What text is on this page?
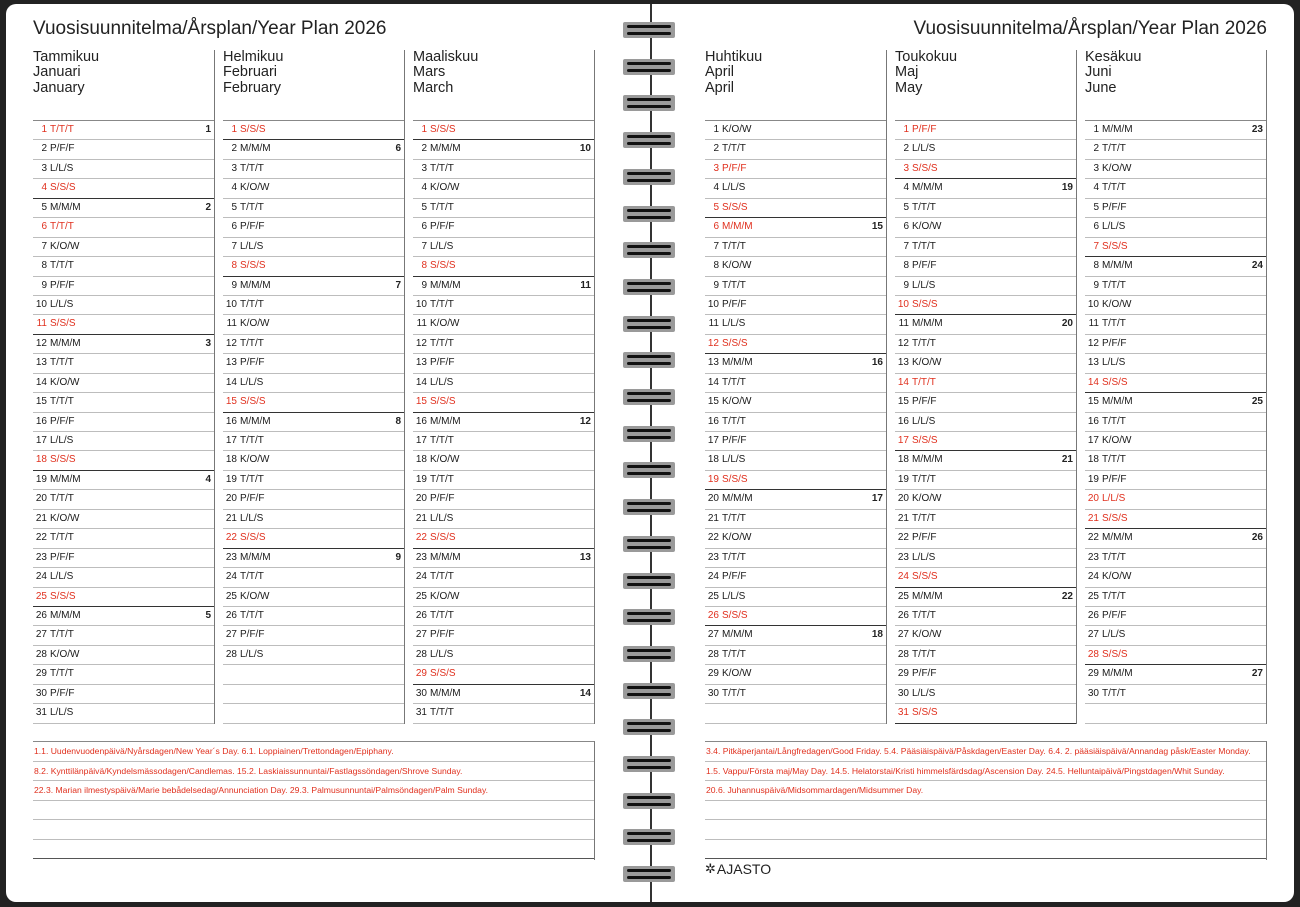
Vuosisuunnitelma/Årsplan/Year Plan 2026
Tammikuu
Januari
January
1 T/T/T	1
2 P/F/F
3 L/L/S
4 S/S/S
5 M/M/M	2
6 T/T/T
7 K/O/W
8 T/T/T
9 P/F/F
10 L/L/S
11 S/S/S
12 M/M/M	3
13 T/T/T
14 K/O/W
15 T/T/T
16 P/F/F
17 L/L/S
18 S/S/S
19 M/M/M	4
20 T/T/T
21 K/O/W
22 T/T/T
23 P/F/F
24 L/L/S
25 S/S/S
26 M/M/M	5
27 T/T/T
28 K/O/W
29 T/T/T
30 P/F/F
31 L/L/S
Helmikuu
Februari
February
1 S/S/S
2 M/M/M	6
3 T/T/T
4 K/O/W
5 T/T/T
6 P/F/F
7 L/L/S
8 S/S/S
9 M/M/M	7
10 T/T/T
11 K/O/W
12 T/T/T
13 P/F/F
14 L/L/S
15 S/S/S
16 M/M/M	8
17 T/T/T
18 K/O/W
19 T/T/T
20 P/F/F
21 L/L/S
22 S/S/S
23 M/M/M	9
24 T/T/T
25 K/O/W
26 T/T/T
27 P/F/F
28 L/L/S
Maaliskuu
Mars
March
1 S/S/S
2 M/M/M	10
3 T/T/T
4 K/O/W
5 T/T/T
6 P/F/F
7 L/L/S
8 S/S/S
9 M/M/M	11
10 T/T/T
11 K/O/W
12 T/T/T
13 P/F/F
14 L/L/S
15 S/S/S
16 M/M/M	12
17 T/T/T
18 K/O/W
19 T/T/T
20 P/F/F
21 L/L/S
22 S/S/S
23 M/M/M	13
24 T/T/T
25 K/O/W
26 T/T/T
27 P/F/F
28 L/L/S
29 S/S/S
30 M/M/M	14
31 T/T/T
1.1. Uudenvuodenpäivä/Nyårsdagen/New Year´s Day. 6.1. Loppiainen/Trettondagen/Epiphany.
8.2. Kynttilänpäivä/Kyndelsmässodagen/Candlemas. 15.2. Laskiaissunnuntai/Fastlagssöndagen/Shrove Sunday.
22.3. Marian ilmestyspäivä/Marie bebådelsedag/Annunciation Day. 29.3. Palmusunnuntai/Palmsöndagen/Palm Sunday.
Vuosisuunnitelma/Årsplan/Year Plan 2026
Huhtikuu
April
April
1 K/O/W
2 T/T/T
3 P/F/F
4 L/L/S
5 S/S/S
6 M/M/M	15
7 T/T/T
8 K/O/W
9 T/T/T
10 P/F/F
11 L/L/S
12 S/S/S
13 M/M/M	16
14 T/T/T
15 K/O/W
16 T/T/T
17 P/F/F
18 L/L/S
19 S/S/S
20 M/M/M	17
21 T/T/T
22 K/O/W
23 T/T/T
24 P/F/F
25 L/L/S
26 S/S/S
27 M/M/M	18
28 T/T/T
29 K/O/W
30 T/T/T
Toukokuu
Maj
May
1 P/F/F
2 L/L/S
3 S/S/S
4 M/M/M	19
5 T/T/T
6 K/O/W
7 T/T/T
8 P/F/F
9 L/L/S
10 S/S/S
11 M/M/M	20
12 T/T/T
13 K/O/W
14 T/T/T
15 P/F/F
16 L/L/S
17 S/S/S
18 M/M/M	21
19 T/T/T
20 K/O/W
21 T/T/T
22 P/F/F
23 L/L/S
24 S/S/S
25 M/M/M	22
26 T/T/T
27 K/O/W
28 T/T/T
29 P/F/F
30 L/L/S
31 S/S/S
Kesäkuu
Juni
June
1 M/M/M	23
2 T/T/T
3 K/O/W
4 T/T/T
5 P/F/F
6 L/L/S
7 S/S/S
8 M/M/M	24
9 T/T/T
10 K/O/W
11 T/T/T
12 P/F/F
13 L/L/S
14 S/S/S
15 M/M/M	25
16 T/T/T
17 K/O/W
18 T/T/T
19 P/F/F
20 L/L/S
21 S/S/S
22 M/M/M	26
23 T/T/T
24 K/O/W
25 T/T/T
26 P/F/F
27 L/L/S
28 S/S/S
29 M/M/M	27
30 T/T/T
3.4. Pitkäperjantai/Långfredagen/Good Friday. 5.4. Pääsiäispäivä/Påskdagen/Easter Day. 6.4. 2. pääsiäispäivä/Annandag påsk/Easter Monday.
1.5. Vappu/Första maj/May Day. 14.5. Helatorstai/Kristi himmelsfärdsdag/Ascension Day. 24.5. Helluntaipäivä/Pingstdagen/Whit Sunday.
20.6. Juhannuspäivä/Midsommardagen/Midsummer Day.
✲ AJASTO
